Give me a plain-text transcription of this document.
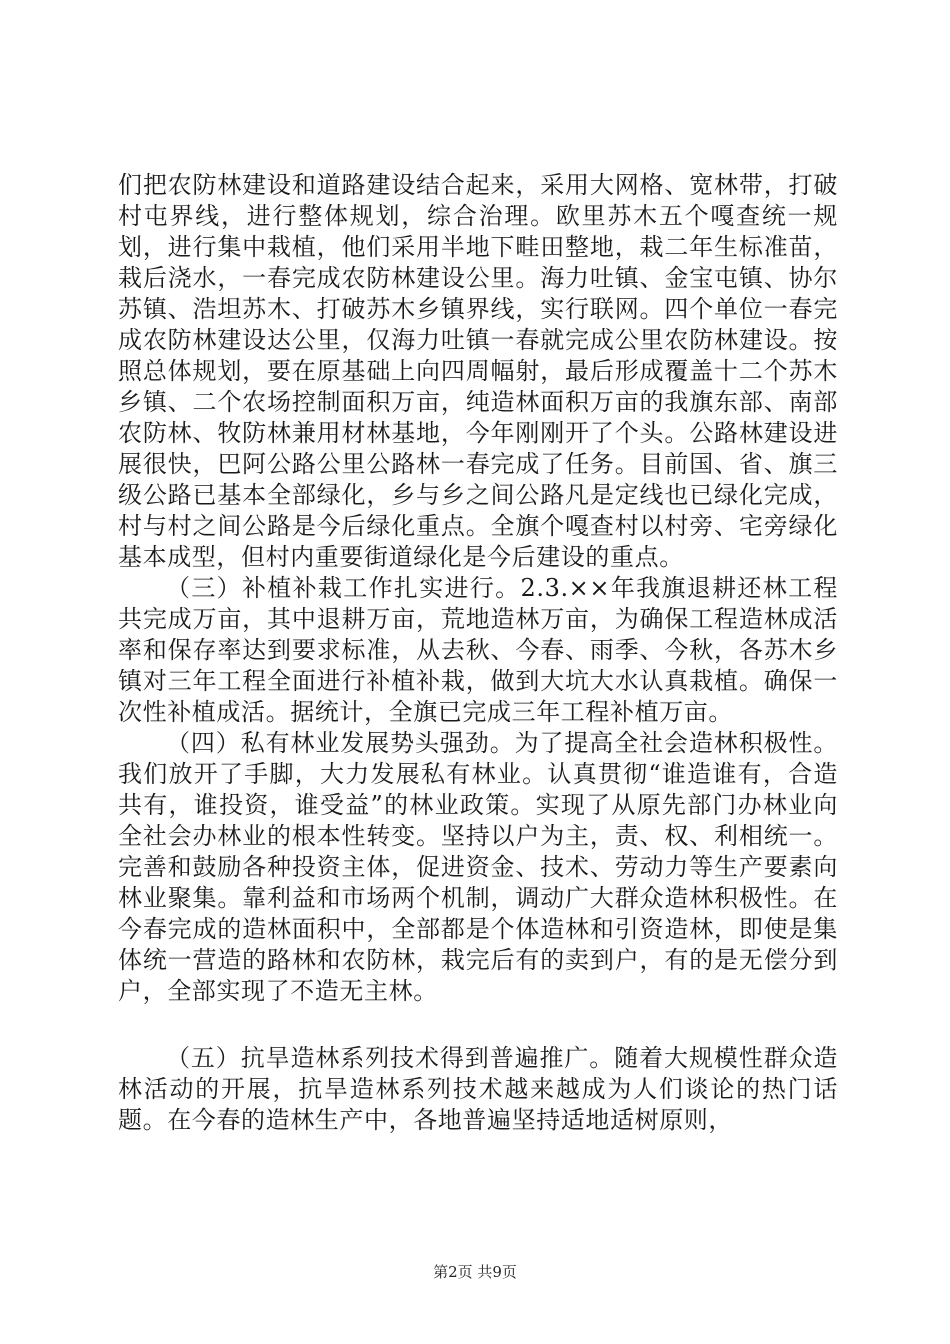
们把农防林建设和道路建设结合起来，采用大网格、宽林带，打破村屯界线，进行整体规划，综合治理。欧里苏木五个嘎查统一规划，进行集中栽植，他们采用半地下畦田整地，栽二年生标准苗，栽后浇水，一春完成农防林建设公里。海力吐镇、金宝屯镇、协尔苏镇、浩坦苏木、打破苏木乡镇界线，实行联网。四个单位一春完成农防林建设达公里，仅海力吐镇一春就完成公里农防林建设。按照总体规划，要在原基础上向四周幅射，最后形成覆盖十二个苏木乡镇、二个农场控制面积万亩，纯造林面积万亩的我旗东部、南部农防林、牧防林兼用材林基地，今年刚刚开了个头。公路林建设进展很快，巴阿公路公里公路林一春完成了任务。目前国、省、旗三级公路已基本全部绿化，乡与乡之间公路凡是定线也已绿化完成，村与村之间公路是今后绿化重点。全旗个嘎查村以村旁、宅旁绿化基本成型，但村内重要街道绿化是今后建设的重点。

（三）补植补栽工作扎实进行。2.3.××年我旗退耕还林工程共完成万亩，其中退耕万亩，荒地造林万亩，为确保工程造林成活率和保存率达到要求标准，从去秋、今春、雨季、今秋，各苏木乡镇对三年工程全面进行补植补栽，做到大坑大水认真栽植。确保一次性补植成活。据统计，全旗已完成三年工程补植万亩。

（四）私有林业发展势头强劲。为了提高全社会造林积极性。我们放开了手脚，大力发展私有林业。认真贯彻“谁造谁有，合造共有，谁投资，谁受益”的林业政策。实现了从原先部门办林业向全社会办林业的根本性转变。坚持以户为主，责、权、利相统一。完善和鼓励各种投资主体，促进资金、技术、劳动力等生产要素向林业聚集。靠利益和市场两个机制，调动广大群众造林积极性。在今春完成的造林面积中，全部都是个体造林和引资造林，即使是集体统一营造的路林和农防林，栽完后有的卖到户，有的是无偿分到户，全部实现了不造无主林。

（五）抗旱造林系列技术得到普遍推广。随着大规模性群众造林活动的开展，抗旱造林系列技术越来越成为人们谈论的热门话题。在今春的造林生产中，各地普遍坚持适地适树原则，

第2页 共9页
